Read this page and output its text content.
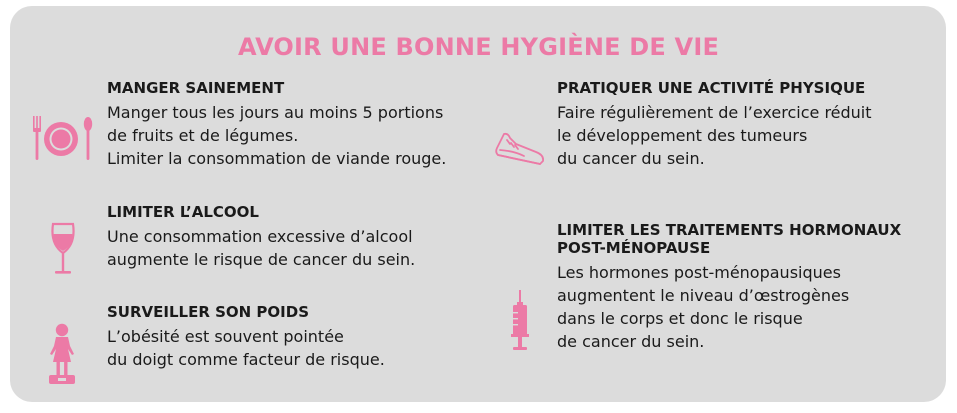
AVOIR UNE BONNE HYGIÈNE DE VIE
MANGER SAINEMENT
Manger tous les jours au moins 5 portions
de fruits et de légumes.
Limiter la consommation de viande rouge.
LIMITER L’ALCOOL
Une consommation excessive d’alcool
augmente le risque de cancer du sein.
SURVEILLER SON POIDS
L’obésité est souvent pointée
du doigt comme facteur de risque.
PRATIQUER UNE ACTIVITÉ PHYSIQUE
Faire régulièrement de l’exercice réduit
le développement des tumeurs
du cancer du sein.
LIMITER LES TRAITEMENTS HORMONAUX
POST-MÉNOPAUSE
Les hormones post-ménopausiques
augmentent le niveau d’œstrogènes
dans le corps et donc le risque
de cancer du sein.
